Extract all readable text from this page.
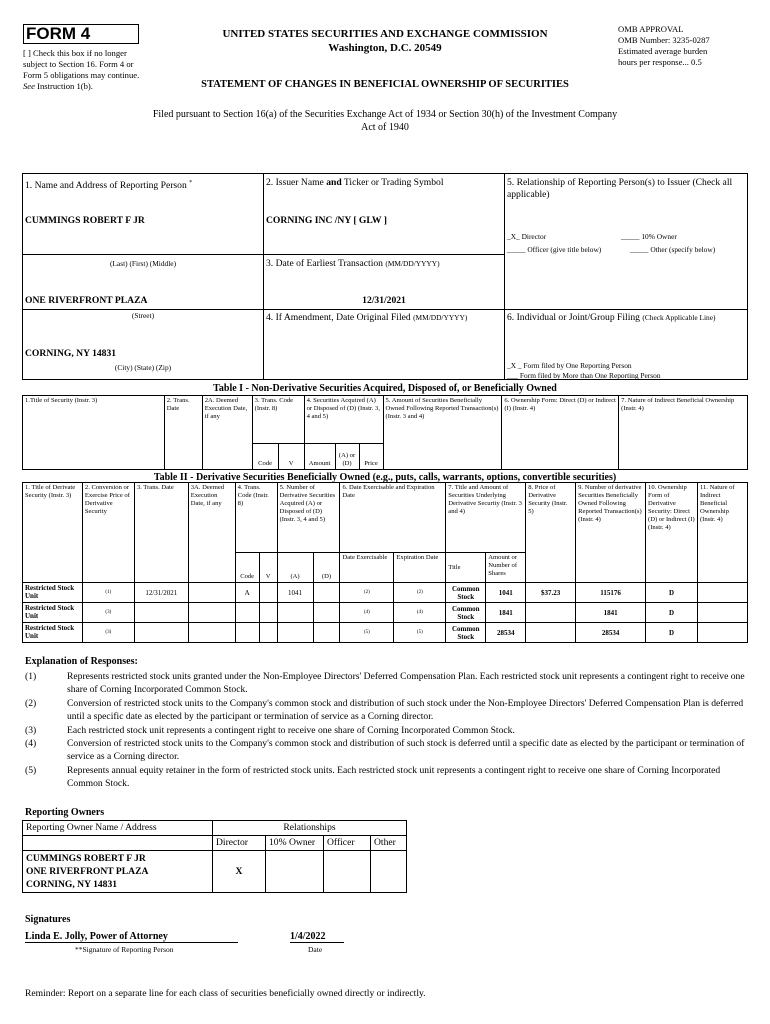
FORM 4
[ ] Check this box if no longer subject to Section 16. Form 4 or Form 5 obligations may continue. See Instruction 1(b).
UNITED STATES SECURITIES AND EXCHANGE COMMISSION
Washington, D.C. 20549
OMB APPROVAL
OMB Number: 3235-0287
Estimated average burden
hours per response... 0.5
STATEMENT OF CHANGES IN BENEFICIAL OWNERSHIP OF SECURITIES
Filed pursuant to Section 16(a) of the Securities Exchange Act of 1934 or Section 30(h) of the Investment Company Act of 1940
1. Name and Address of Reporting Person *
CUMMINGS ROBERT F JR
(Last) (First) (Middle)
ONE RIVERFRONT PLAZA
(Street)
CORNING, NY 14831
(City) (State) (Zip)
2. Issuer Name and Ticker or Trading Symbol
CORNING INC /NY [ GLW ]
3. Date of Earliest Transaction (MM/DD/YYYY)
12/31/2021
4. If Amendment, Date Original Filed (MM/DD/YYYY)
5. Relationship of Reporting Person(s) to Issuer (Check all applicable)
_X_ Director	_____ 10% Owner
_____ Officer (give title below)	_____ Other (specify below)
6. Individual or Joint/Group Filing (Check Applicable Line)
_X _ Form filed by One Reporting Person
___ Form filed by More than One Reporting Person
Table I - Non-Derivative Securities Acquired, Disposed of, or Beneficially Owned
1.Title of Security (Instr. 3)	2. Trans. Date	2A. Deemed Execution Date, if any	3. Trans. Code (Instr. 8)		4. Securities Acquired (A) or Disposed of (D) (Instr. 3, 4 and 5)			5. Amount of Securities Beneficially Owned Following Reported Transaction(s) (Instr. 3 and 4)	6. Ownership Form: Direct (D) or Indirect (I) (Instr. 4)	7. Nature of Indirect Beneficial Ownership (Instr. 4)
			Code	V	Amount	(A) or (D)	Price			
Table II - Derivative Securities Beneficially Owned (e.g., puts, calls, warrants, options, convertible securities)
1. Title of Derivate Security (Instr. 3)	2. Conversion or Exercise Price of Derivative Security	3. Trans. Date	3A. Deemed Execution Date, if any	4. Trans. Code (Instr. 8)		5. Number of Derivative Securities Acquired (A) or Disposed of (D) (Instr. 3, 4 and 5)		6. Date Exercisable and Expiration Date		7. Title and Amount of Securities Underlying Derivative Security (Instr. 3 and 4)		8. Price of Derivative Security (Instr. 5)	9. Number of derivative Securities Beneficially Owned Following Reported Transaction(s) (Instr. 4)	10. Ownership Form of Derivative Security: Direct (D) or Indirect (I) (Instr. 4)	11. Nature of Indirect Beneficial Ownership (Instr. 4)
				Code	V	(A)	(D)	Date Exercisable	Expiration Date	Title	Amount or Number of Shares				
Restricted Stock Unit	(1)	12/31/2021		A		1041		(2)	(2)	Common Stock	1041	$37.23	115176	D	
Restricted Stock Unit	(3)							(4)	(4)	Common Stock	1841		1841	D	
Restricted Stock Unit	(3)							(5)	(5)	Common Stock	28534		28534	D	
Explanation of Responses:
(1)	Represents restricted stock units granted under the Non-Employee Directors' Deferred Compensation Plan. Each restricted stock unit represents a contingent right to receive one share of Corning Incorporated Common Stock.
(2)	Conversion of restricted stock units to the Company's common stock and distribution of such stock under the Non-Employee Directors' Deferred Compensation Plan is deferred until a specific date as elected by the participant or termination of service as a Corning director.
(3)	Each restricted stock unit represents a contingent right to receive one share of Corning Incorporated Common Stock.
(4)	Conversion of restricted stock units to the Company's common stock and distribution of such stock is deferred until a specific date as elected by the participant or termination of service as a Corning director.
(5)	Represents annual equity retainer in the form of restricted stock units. Each restricted stock unit represents a contingent right to receive one share of Corning Incorporated Common Stock.
Reporting Owners
Reporting Owner Name / Address	Relationships			
	Director	10% Owner	Officer	Other

CUMMINGS ROBERT F JR
ONE RIVERFRONT PLAZA
CORNING, NY 14831	X			
Signatures
Linda E. Jolly, Power of Attorney	1/4/2022
**Signature of Reporting Person	Date
Reminder: Report on a separate line for each class of securities beneficially owned directly or indirectly.
